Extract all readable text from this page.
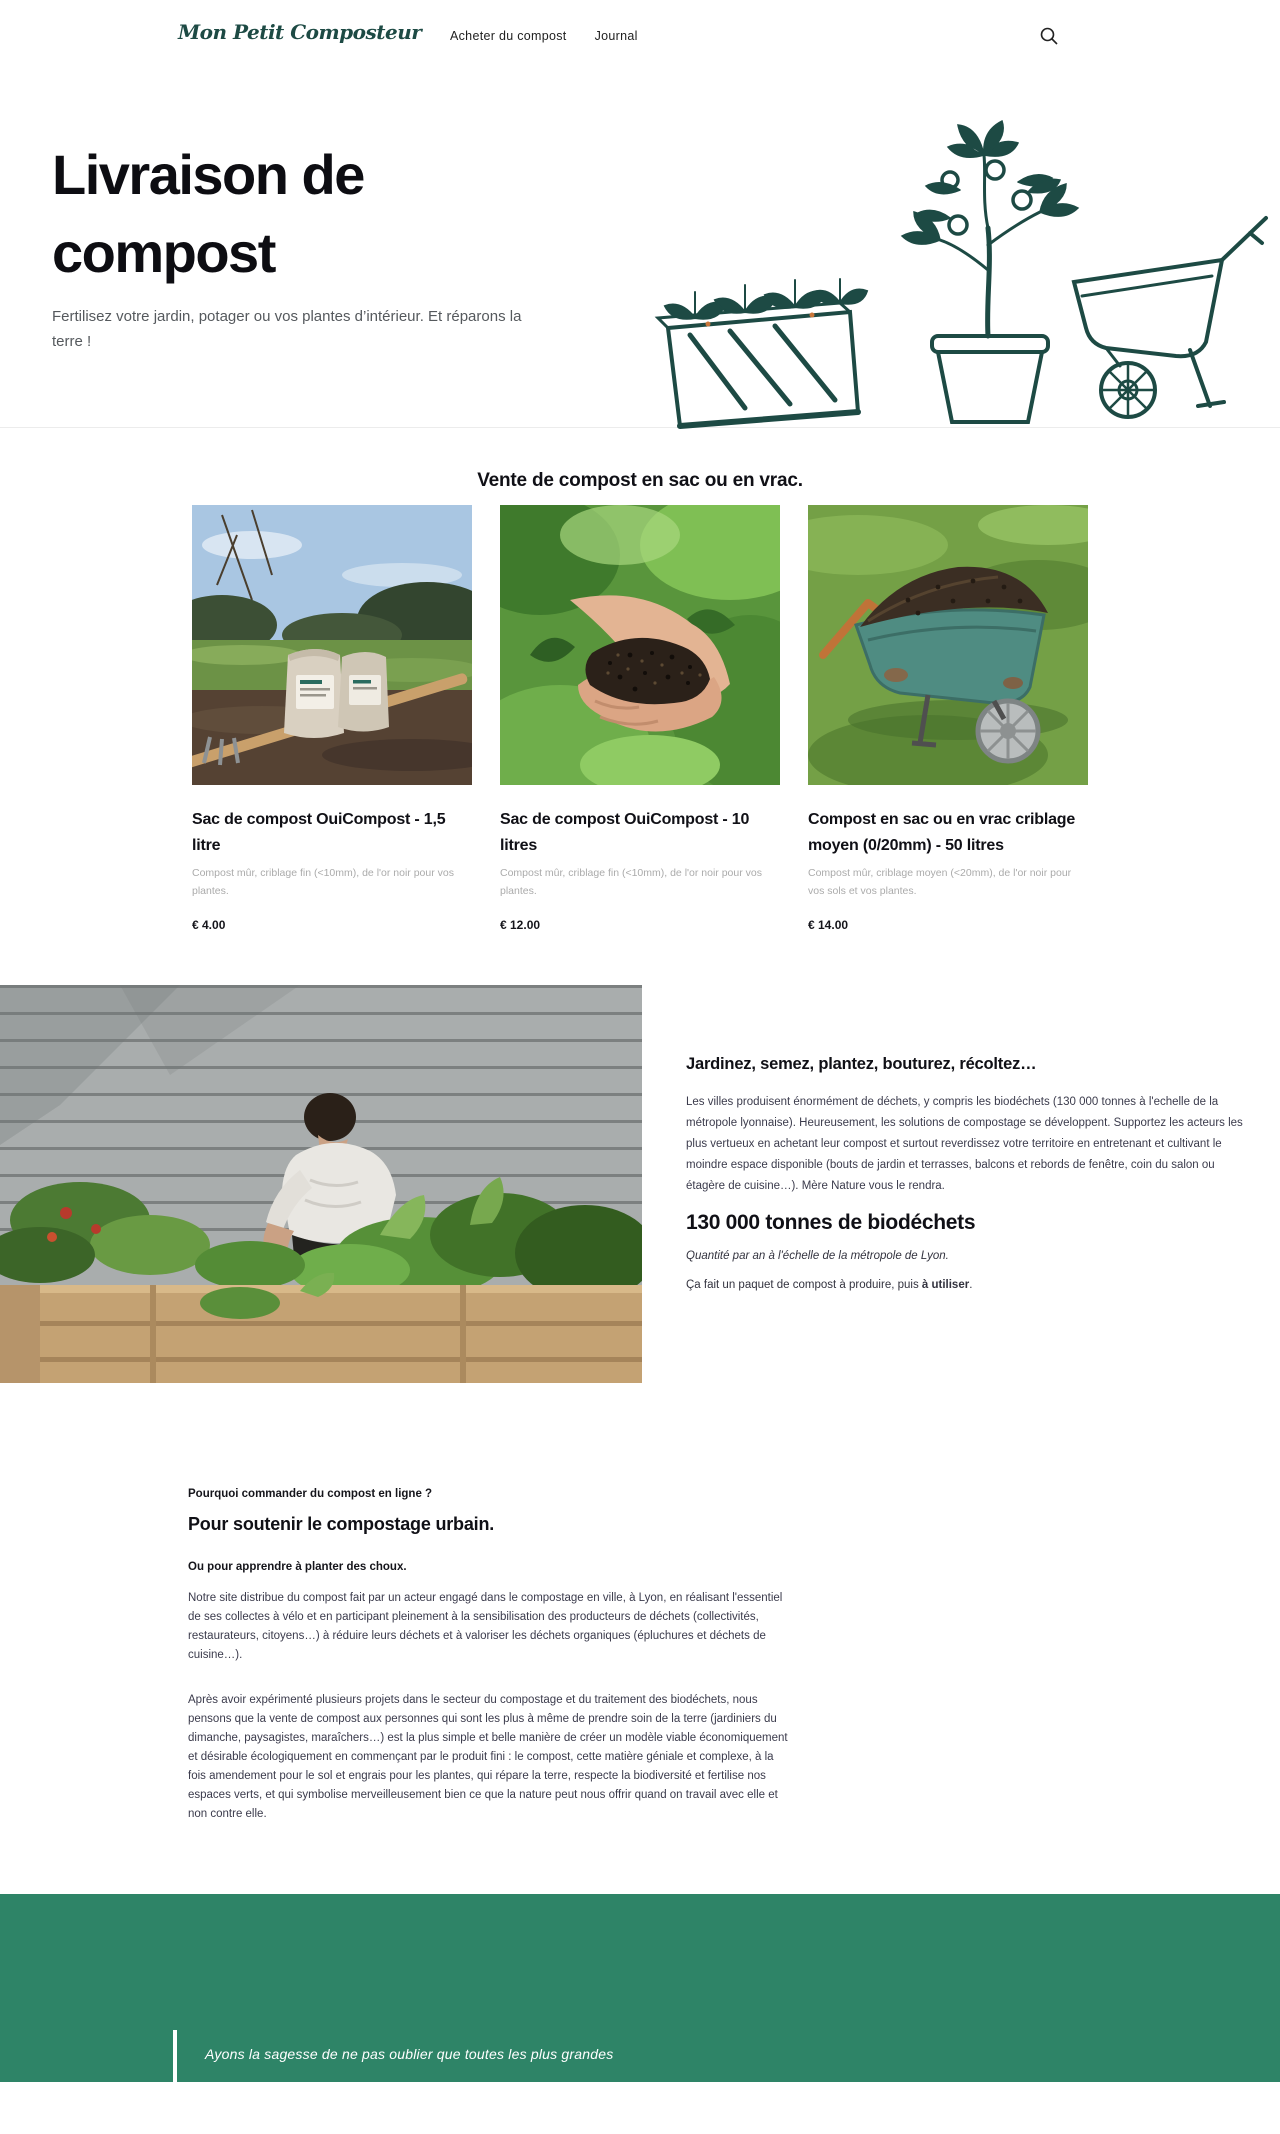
Mon Petit Composteur Acheter du compost Journal
Livraison de compost

Fertilisez votre jardin, potager ou vos plantes d’intérieur. Et réparons la terre !

Vente de compost en sac ou en vrac.
Sac de compost OuiCompost - 1,5 litre

Compost mûr, criblage fin (<10mm), de l'or noir pour vos plantes.

€ 4.00

Sac de compost OuiCompost - 10 litres

Compost mûr, criblage fin (<10mm), de l'or noir pour vos plantes.

€ 12.00

Compost en sac ou en vrac criblage moyen (0/20mm) - 50 litres

Compost mûr, criblage moyen (<20mm), de l'or noir pour vos sols et vos plantes.

€ 14.00

Jardinez, semez, plantez, bouturez, récoltez…

Les villes produisent énormément de déchets, y compris les biodéchets (130 000 tonnes à l'echelle de la métropole lyonnaise). Heureusement, les solutions de compostage se développent. Supportez les acteurs les plus vertueux en achetant leur compost et surtout reverdissez votre territoire en entretenant et cultivant le moindre espace disponible (bouts de jardin et terrasses, balcons et rebords de fenêtre, coin du salon ou étagère de cuisine…). Mère Nature vous le rendra.

130 000 tonnes de biodéchets

Quantité par an à l'échelle de la métropole de Lyon.

Ça fait un paquet de compost à produire, puis à utiliser.

Pourquoi commander du compost en ligne ?

Pour soutenir le compostage urbain.

Ou pour apprendre à planter des choux.

Notre site distribue du compost fait par un acteur engagé dans le compostage en ville, à Lyon, en réalisant l'essentiel de ses collectes à vélo et en participant pleinement à la sensibilisation des producteurs de déchets (collectivités, restaurateurs, citoyens…) à réduire leurs déchets et à valoriser les déchets organiques (épluchures et déchets de cuisine…).

Après avoir expérimenté plusieurs projets dans le secteur du compostage et du traitement des biodéchets, nous pensons que la vente de compost aux personnes qui sont les plus à même de prendre soin de la terre (jardiniers du dimanche, paysagistes, maraîchers…) est la plus simple et belle manière de créer un modèle viable économiquement et désirable écologiquement en commençant par le produit fini : le compost, cette matière géniale et complexe, à la fois amendement pour le sol et engrais pour les plantes, qui répare la terre, respecte la biodiversité et fertilise nos espaces verts, et qui symbolise merveilleusement bien ce que la nature peut nous offrir quand on travail avec elle et non contre elle.

Ayons la sagesse de ne pas oublier que toutes les plus grandes
